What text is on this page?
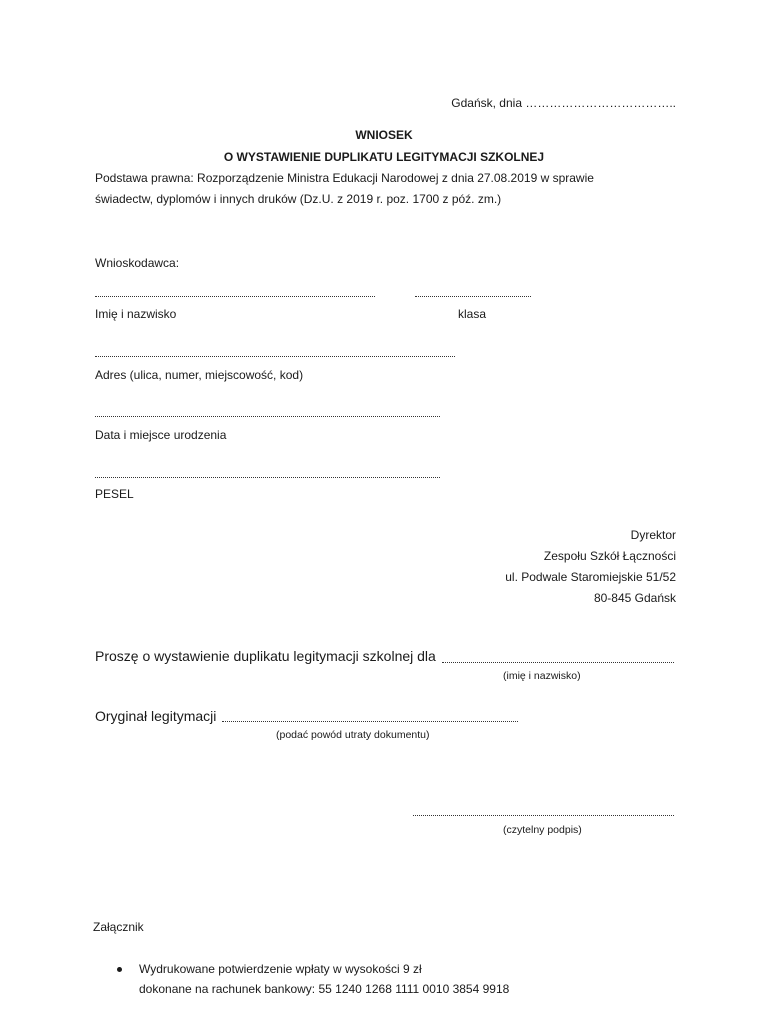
Gdańsk, dnia ………………………………..
WNIOSEK
O WYSTAWIENIE DUPLIKATU LEGITYMACJI SZKOLNEJ
Podstawa prawna: Rozporządzenie Ministra Edukacji Narodowej z dnia 27.08.2019 w sprawie
świadectw, dyplomów i innych druków (Dz.U. z 2019 r. poz. 1700 z póź. zm.)
Wnioskodawca:
Imię i nazwisko	klasa
Adres (ulica, numer, miejscowość, kod)
Data i miejsce urodzenia
PESEL
Dyrektor
Zespołu Szkół Łączności
ul. Podwale Staromiejskie 51/52
80-845 Gdańsk
Proszę o wystawienie duplikatu legitymacji szkolnej dla
(imię i nazwisko)
Oryginał legitymacji
(podać powód utraty dokumentu)
(czytelny podpis)
Załącznik
Wydrukowane potwierdzenie wpłaty w wysokości 9 zł
dokonane na rachunek bankowy: 55 1240 1268 1111 0010 3854 9918
